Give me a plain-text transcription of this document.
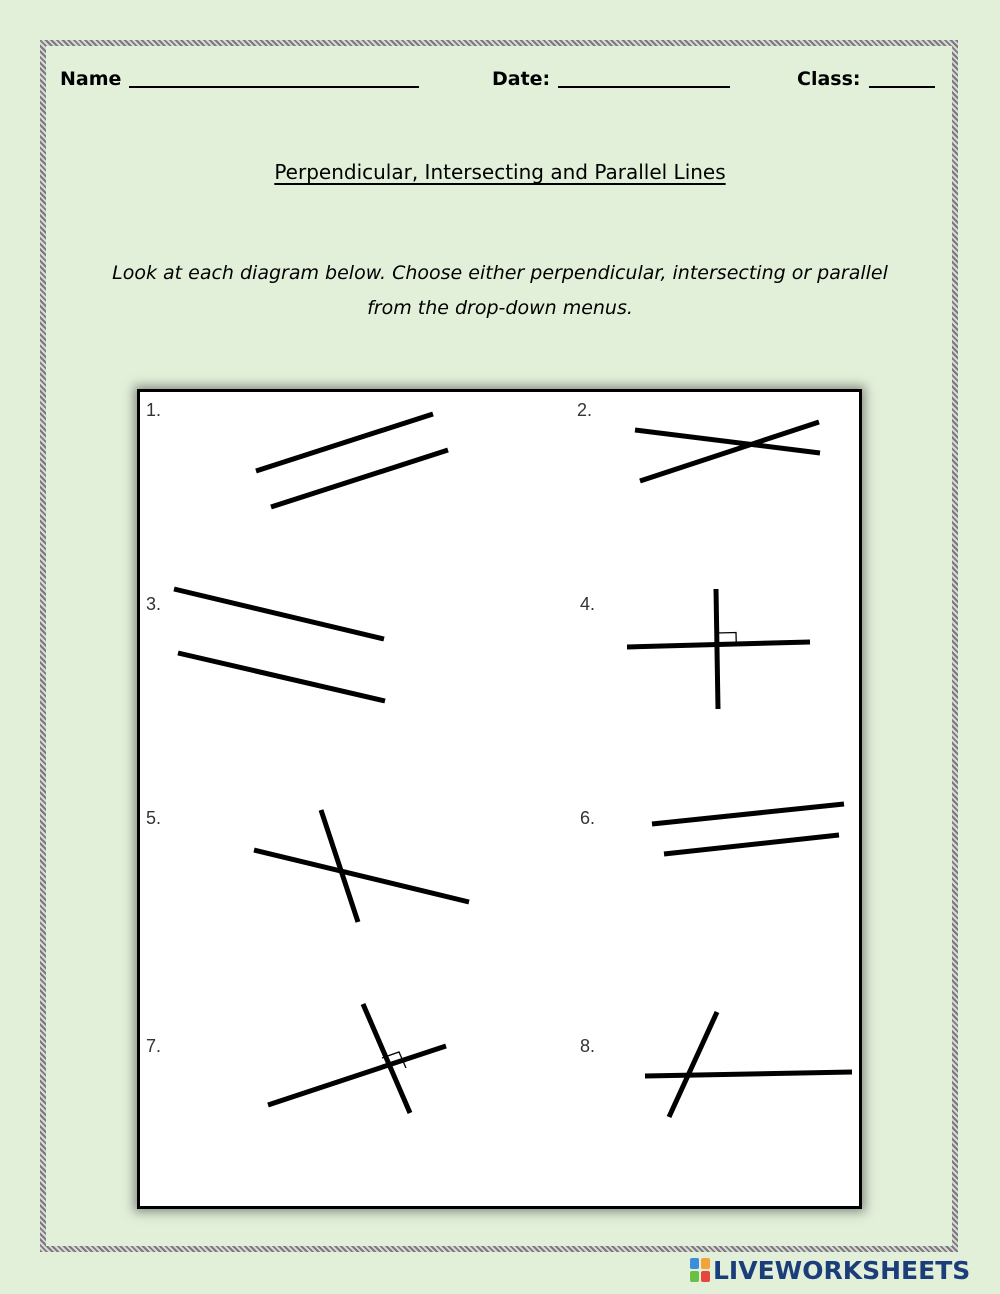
Name	Date:	Class:
Perpendicular, Intersecting and Parallel Lines
Look at each diagram below. Choose either perpendicular, intersecting or parallel
from the drop-down menus.
1.	2.
3.	4.
5.	6.
7.	8.
LIVEWORKSHEETS
